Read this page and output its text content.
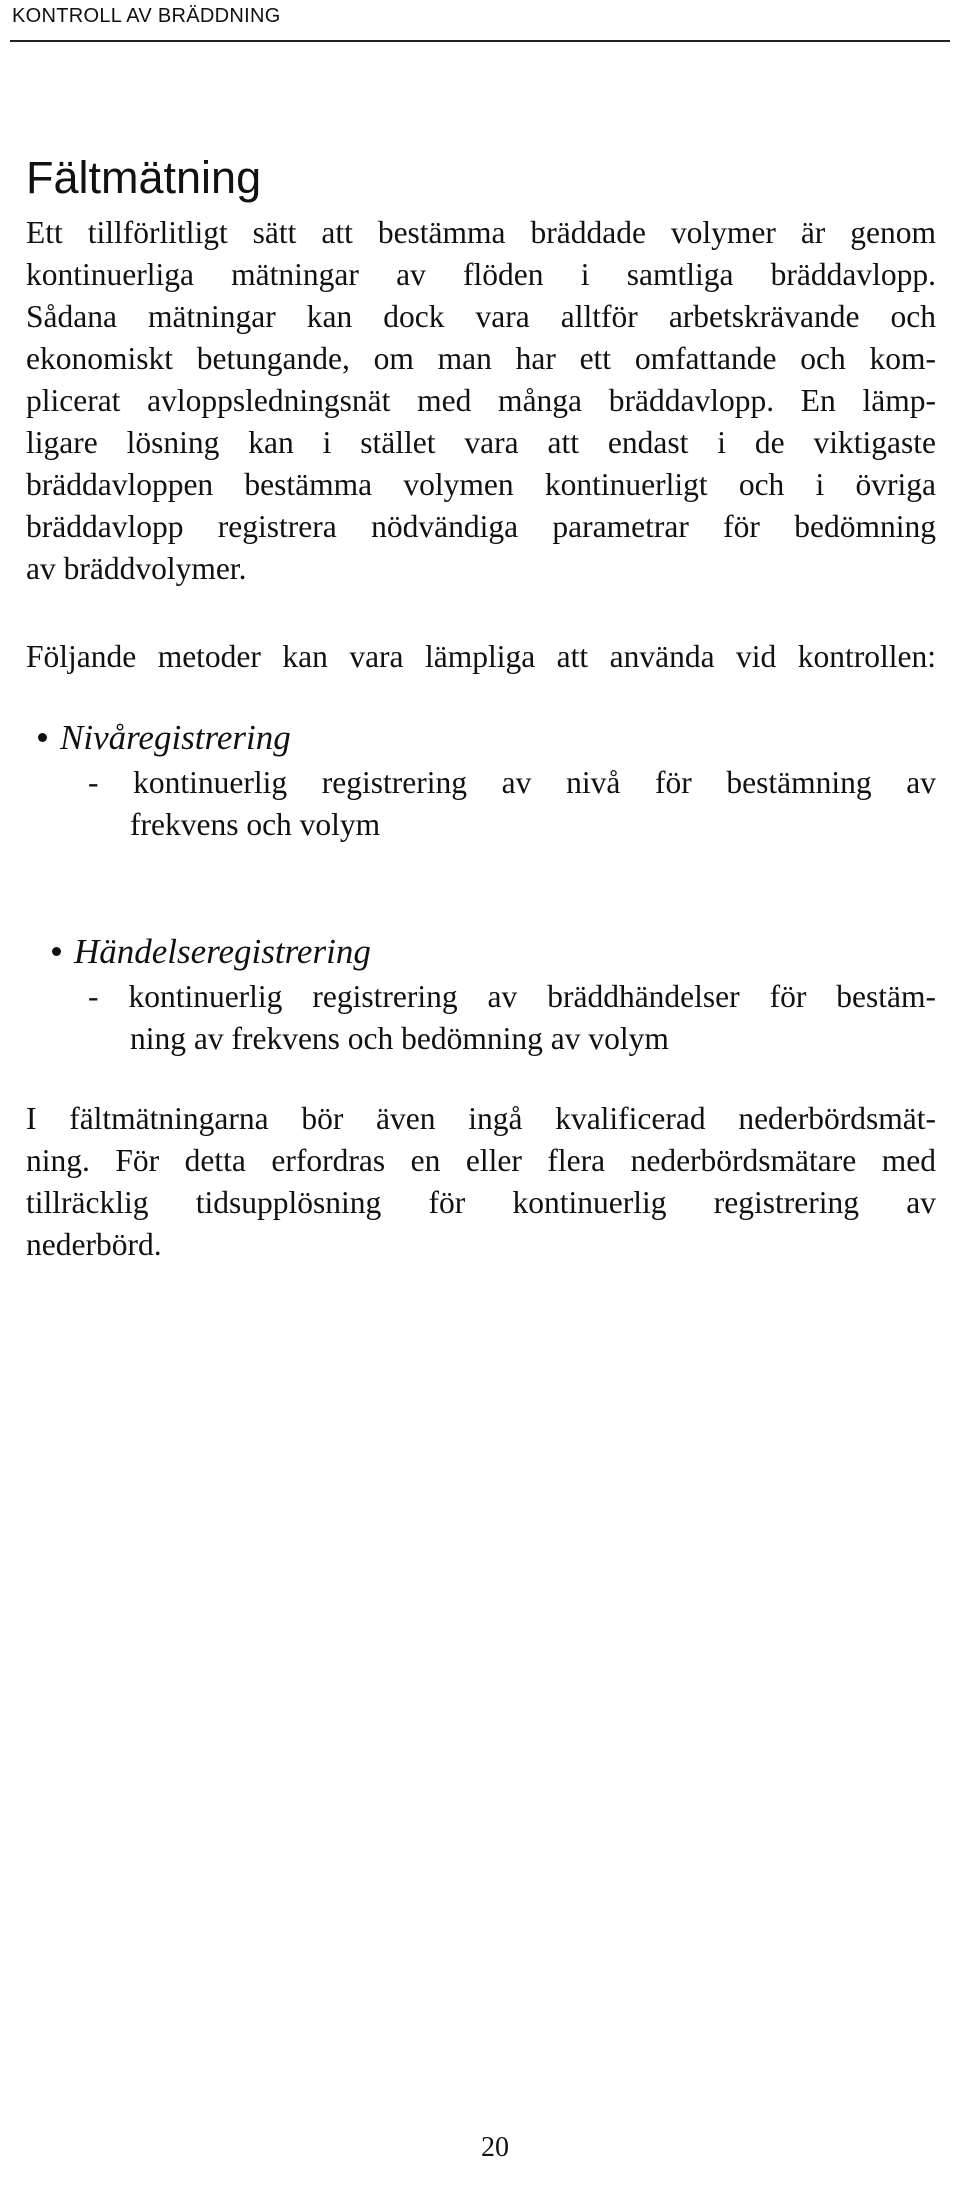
KONTROLL AV BRÄDDNING
Fältmätning
Ett tillförlitligt sätt att bestämma bräddade volymer är genom
kontinuerliga mätningar av flöden i samtliga bräddavlopp.
Sådana mätningar kan dock vara alltför arbetskrävande och
ekonomiskt betungande, om man har ett omfattande och kom-
plicerat avloppsledningsnät med många bräddavlopp. En lämp-
ligare lösning kan i stället vara att endast i de viktigaste
bräddavloppen bestämma volymen kontinuerligt och i övriga
bräddavlopp registrera nödvändiga parametrar för bedömning
av bräddvolymer.
Följande metoder kan vara lämpliga att använda vid kontrollen:
Nivåregistrering
- kontinuerlig registrering av nivå för bestämning av
frekvens och volym
Händelseregistrering
- kontinuerlig registrering av bräddhändelser för bestäm-
ning av frekvens och bedömning av volym
I fältmätningarna bör även ingå kvalificerad nederbördsmät-
ning. För detta erfordras en eller flera nederbördsmätare med
tillräcklig tidsupplösning för kontinuerlig registrering av
nederbörd.
20
